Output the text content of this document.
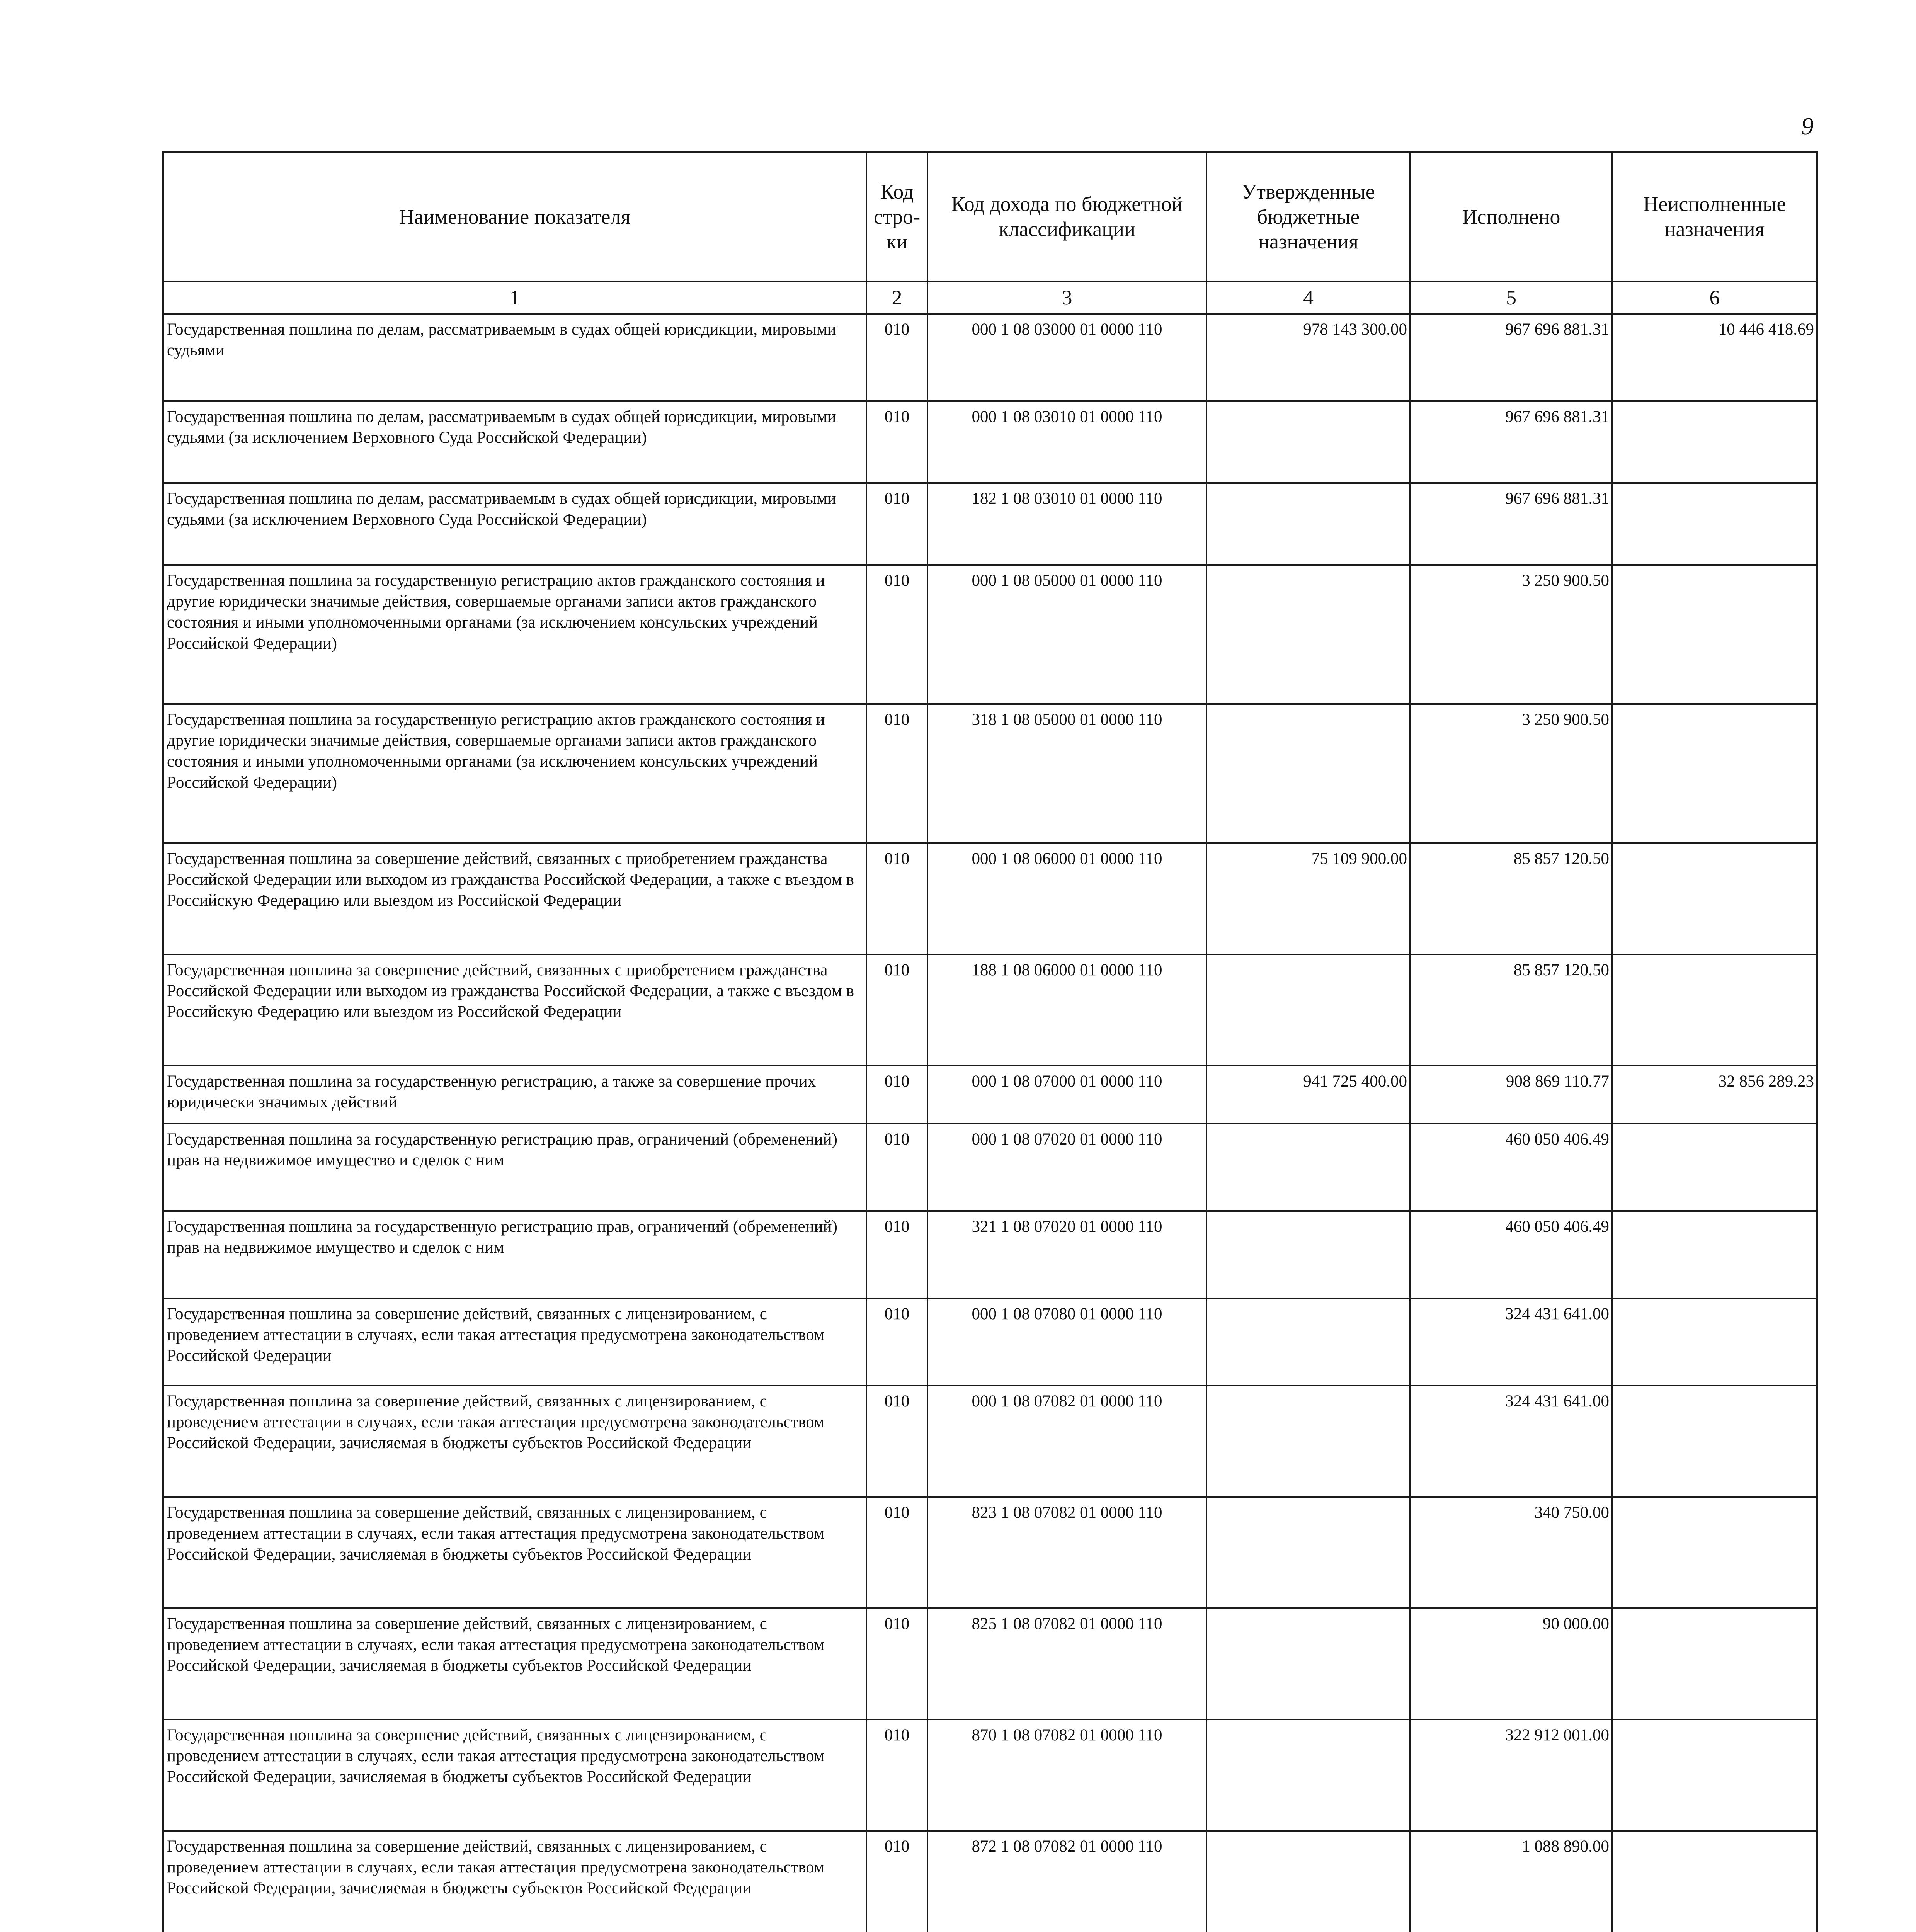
9
Наименование показателя	Код стро-ки	Код дохода по бюджетной классификации	Утвержденные бюджетные назначения	Исполнено	Неисполненные назначения
1	2	3	4	5	6
Государственная пошлина по делам, рассматриваемым в судах общей юрисдикции, мировыми судьями	010	000 1 08 03000 01 0000 110	978 143 300.00	967 696 881.31	10 446 418.69
Государственная пошлина по делам, рассматриваемым в судах общей юрисдикции, мировыми судьями (за исключением Верховного Суда Российской Федерации)	010	000 1 08 03010 01 0000 110		967 696 881.31	
Государственная пошлина по делам, рассматриваемым в судах общей юрисдикции, мировыми судьями (за исключением Верховного Суда Российской Федерации)	010	182 1 08 03010 01 0000 110		967 696 881.31	
Государственная пошлина за государственную регистрацию актов гражданского состояния и другие юридически значимые действия, совершаемые органами записи актов гражданского состояния и иными уполномоченными органами (за исключением консульских учреждений Российской Федерации)	010	000 1 08 05000 01 0000 110		3 250 900.50	
Государственная пошлина за государственную регистрацию актов гражданского состояния и другие юридически значимые действия, совершаемые органами записи актов гражданского состояния и иными уполномоченными органами (за исключением консульских учреждений Российской Федерации)	010	318 1 08 05000 01 0000 110		3 250 900.50	
Государственная пошлина за совершение действий, связанных с приобретением гражданства Российской Федерации или выходом из гражданства Российской Федерации, а также с въездом в Российскую Федерацию или выездом из Российской Федерации	010	000 1 08 06000 01 0000 110	75 109 900.00	85 857 120.50	
Государственная пошлина за совершение действий, связанных с приобретением гражданства Российской Федерации или выходом из гражданства Российской Федерации, а также с въездом в Российскую Федерацию или выездом из Российской Федерации	010	188 1 08 06000 01 0000 110		85 857 120.50	
Государственная пошлина за государственную регистрацию, а также за совершение прочих юридически значимых действий	010	000 1 08 07000 01 0000 110	941 725 400.00	908 869 110.77	32 856 289.23
Государственная пошлина за государственную регистрацию прав, ограничений (обременений) прав на недвижимое имущество и сделок с ним	010	000 1 08 07020 01 0000 110		460 050 406.49	
Государственная пошлина за государственную регистрацию прав, ограничений (обременений) прав на недвижимое имущество и сделок с ним	010	321 1 08 07020 01 0000 110		460 050 406.49	
Государственная пошлина за совершение действий, связанных с лицензированием, с проведением аттестации в случаях, если такая аттестация предусмотрена законодательством Российской Федерации	010	000 1 08 07080 01 0000 110		324 431 641.00	
Государственная пошлина за совершение действий, связанных с лицензированием, с проведением аттестации в случаях, если такая аттестация предусмотрена законодательством Российской Федерации, зачисляемая в бюджеты субъектов Российской Федерации	010	000 1 08 07082 01 0000 110		324 431 641.00	
Государственная пошлина за совершение действий, связанных с лицензированием, с проведением аттестации в случаях, если такая аттестация предусмотрена законодательством Российской Федерации, зачисляемая в бюджеты субъектов Российской Федерации	010	823 1 08 07082 01 0000 110		340 750.00	
Государственная пошлина за совершение действий, связанных с лицензированием, с проведением аттестации в случаях, если такая аттестация предусмотрена законодательством Российской Федерации, зачисляемая в бюджеты субъектов Российской Федерации	010	825 1 08 07082 01 0000 110		90 000.00	
Государственная пошлина за совершение действий, связанных с лицензированием, с проведением аттестации в случаях, если такая аттестация предусмотрена законодательством Российской Федерации, зачисляемая в бюджеты субъектов Российской Федерации	010	870 1 08 07082 01 0000 110		322 912 001.00	
Государственная пошлина за совершение действий, связанных с лицензированием, с проведением аттестации в случаях, если такая аттестация предусмотрена законодательством Российской Федерации, зачисляемая в бюджеты субъектов Российской Федерации	010	872 1 08 07082 01 0000 110		1 088 890.00	
